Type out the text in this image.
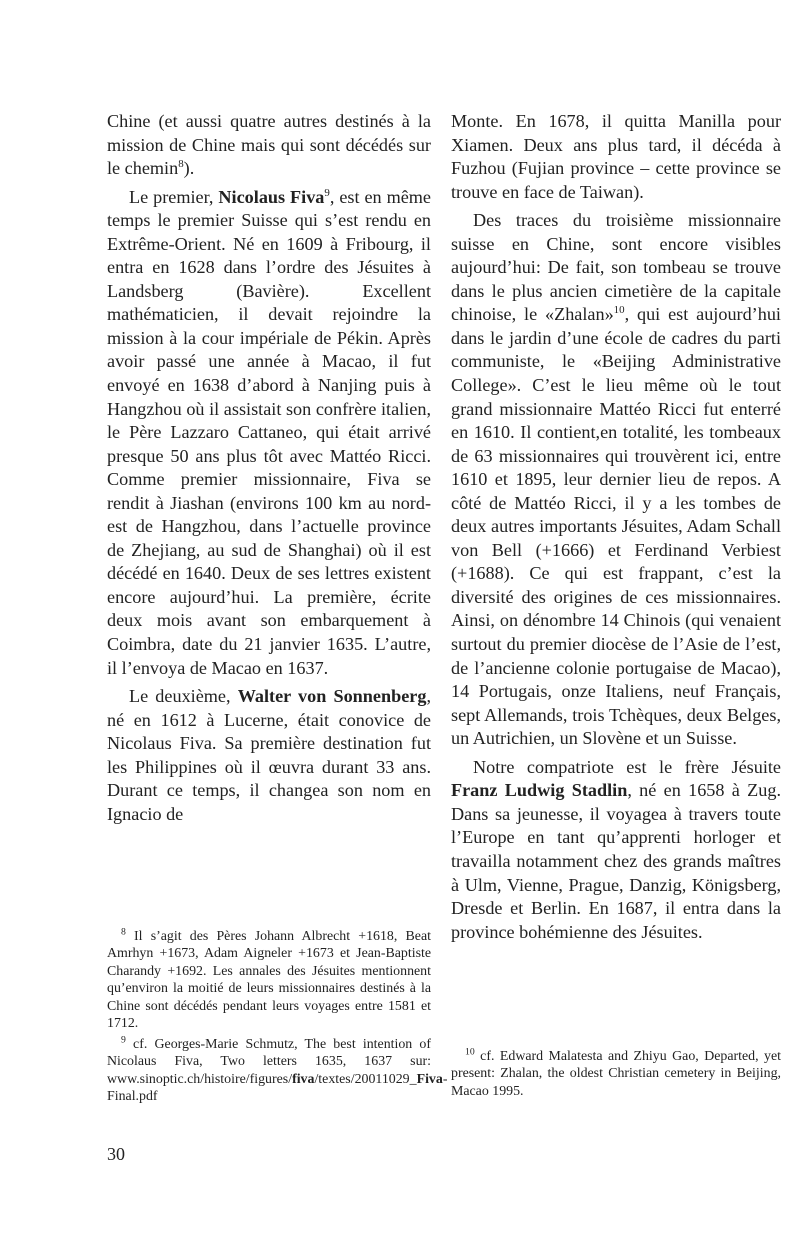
Chine (et aussi quatre autres destinés à la mission de Chine mais qui sont décédés sur le chemin$^8$).

Le premier, Nicolaus Fiva$^9$, est en même temps le premier Suisse qui s’est rendu en Extrême-Orient. Né en 1609 à Fribourg, il entra en 1628 dans l’ordre des Jésuites à Landsberg (Bavière). Excellent mathématicien, il devait rejoindre la mission à la cour impériale de Pékin. Après avoir passé une année à Macao, il fut envoyé en 1638 d’abord à Nanjing puis à Hangzhou où il assistait son confrère italien, le Père Lazzaro Cattaneo, qui était arrivé presque 50 ans plus tôt avec Mattéo Ricci. Comme premier missionnaire, Fiva se rendit à Jiashan (environs 100 km au nord-est de Hangzhou, dans l’actuelle province de Zhejiang, au sud de Shanghai) où il est décédé en 1640. Deux de ses lettres existent encore aujourd’hui. La première, écrite deux mois avant son embarquement à Coimbra, date du 21 janvier 1635. L’autre, il l’envoya de Macao en 1637.

Le deuxième, Walter von Sonnenberg, né en 1612 à Lucerne, était conovice de Nicolaus Fiva. Sa première destination fut les Philippines où il œuvra durant 33 ans. Durant ce temps, il changea son nom en Ignacio de

$^8$ Il s’agit des Pères Johann Albrecht +1618, Beat Amrhyn +1673, Adam Aigneler +1673 et Jean-Baptiste Charandy +1692. Les annales des Jésuites mentionnent qu’environ la moitié de leurs missionnaires destinés à la Chine sont décédés pendant leurs voyages entre 1581 et 1712.

$^9$ cf. Georges-Marie Schmutz, The best intention of Nicolaus Fiva, Two letters 1635, 1637 sur: www.sinoptic.ch/histoire/figures/fiva/textes/20011029_Fiva-Final.pdf

Monte. En 1678, il quitta Manilla pour Xiamen. Deux ans plus tard, il décéda à Fuzhou (Fujian province – cette province se trouve en face de Taiwan).

Des traces du troisième missionnaire suisse en Chine, sont encore visibles aujourd’hui: De fait, son tombeau se trouve dans le plus ancien cimetière de la capitale chinoise, le «Zhalan»$^{10}$, qui est aujourd’hui dans le jardin d’une école de cadres du parti communiste, le «Beijing Administrative College». C’est le lieu même où le tout grand missionnaire Mattéo Ricci fut enterré en 1610. Il contient,en totalité, les tombeaux de 63 missionnaires qui trouvèrent ici, entre 1610 et 1895, leur dernier lieu de repos. A côté de Mattéo Ricci, il y a les tombes de deux autres importants Jésuites, Adam Schall von Bell (+1666) et Ferdinand Verbiest (+1688). Ce qui est frappant, c’est la diversité des origines de ces missionnaires. Ainsi, on dénombre 14 Chinois (qui venaient surtout du premier diocèse de l’Asie de l’est, de l’ancienne colonie portugaise de Macao), 14 Portugais, onze Italiens, neuf Français, sept Allemands, trois Tchèques, deux Belges, un Autrichien, un Slovène et un Suisse.

Notre compatriote est le frère Jésuite Franz Ludwig Stadlin, né en 1658 à Zug. Dans sa jeunesse, il voyagea à travers toute l’Europe en tant qu’apprenti horloger et travailla notamment chez des grands maîtres à Ulm, Vienne, Prague, Danzig, Königsberg, Dresde et Berlin. En 1687, il entra dans la province bohémienne des Jésuites.

$^{10}$ cf. Edward Malatesta and Zhiyu Gao, Departed, yet present: Zhalan, the oldest Christian cemetery in Beijing, Macao 1995.

30
